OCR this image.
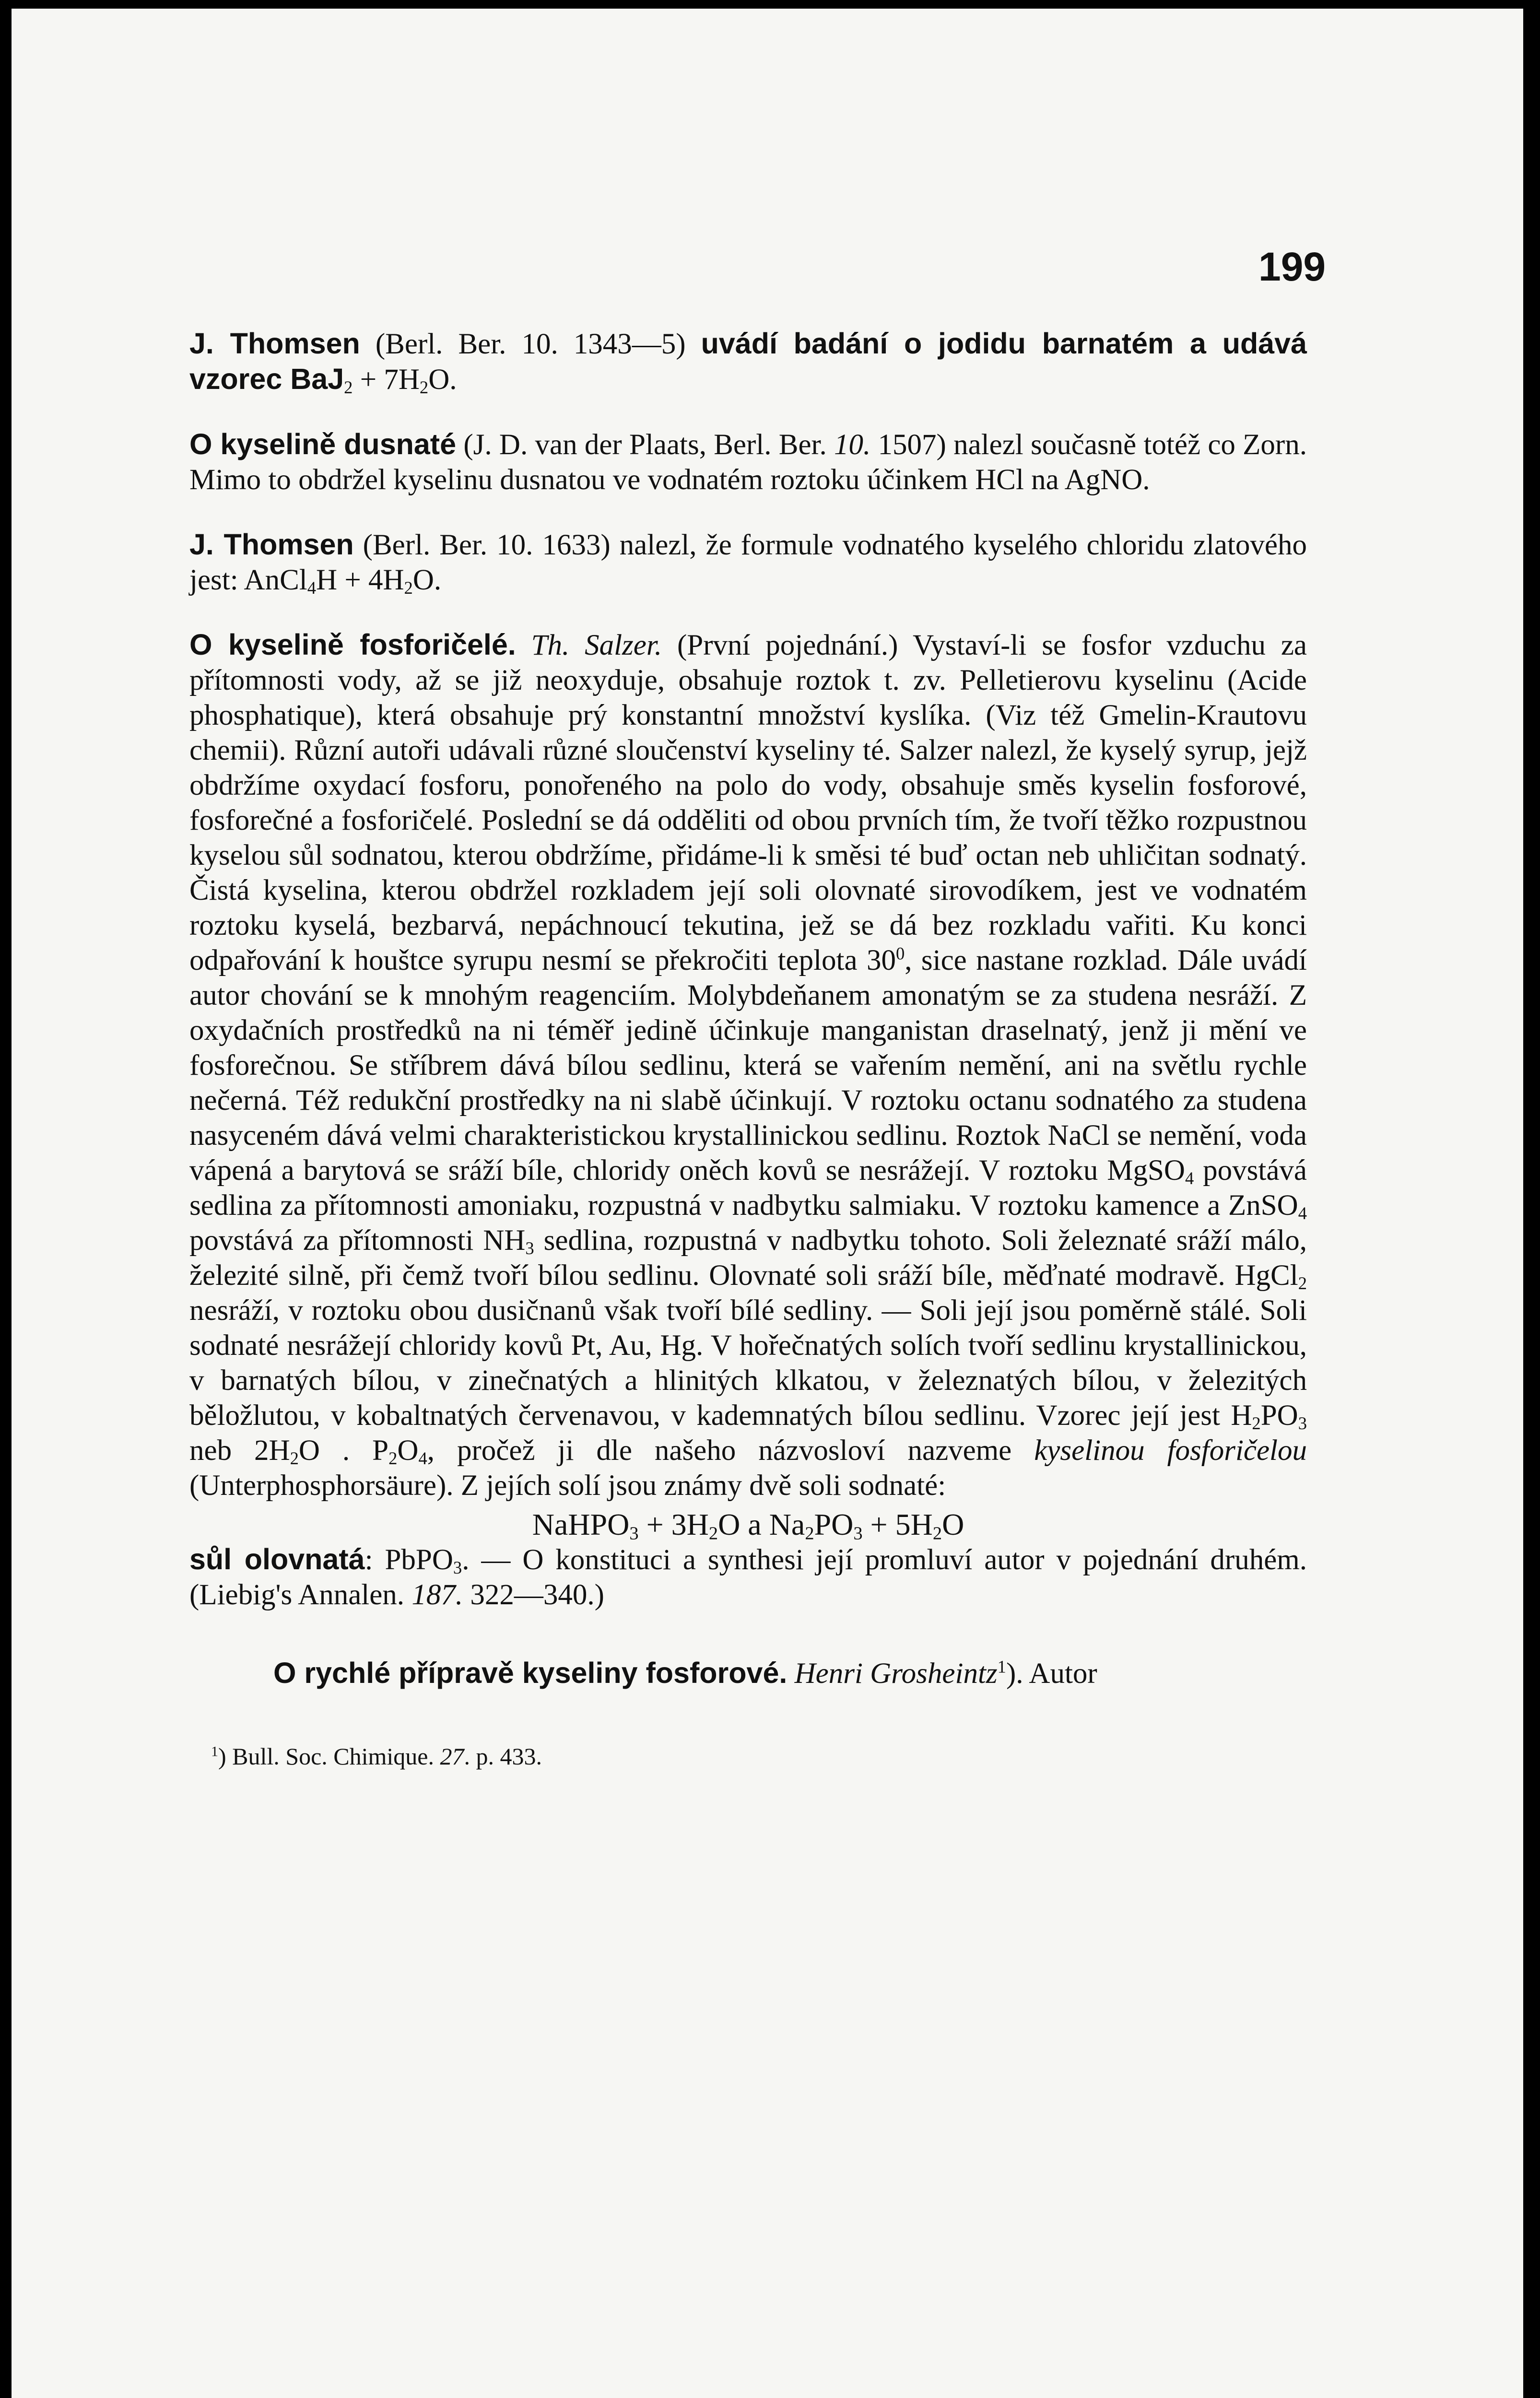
199

J. Thomsen (Berl. Ber. 10. 1343—5) uvádí badání o jodidu barnatém a udává vzorec $BaJ_2 + 7H_2O$.

O kyselině dusnaté (J. D. van der Plaats, Berl. Ber. 10. 1507) nalezl současně totéž co Zorn. Mimo to obdržel kyselinu dusnatou ve vodnatém roztoku účinkem HCl na AgNO.

J. Thomsen (Berl. Ber. 10. 1633) nalezl, že formule vodnatého kyselého chloridu zlatového jest: AnCl$_4$H + $4H_2O$.

O kyselině fosforičelé. Th. Salzer. (První pojednání.) Vystaví-li se fosfor vzduchu za přítomnosti vody, až se již neoxyduje, obsahuje roztok t. zv. Pelletierovu kyselinu (Acide phosphatique), která obsahuje prý konstantní množství kyslíka. (Viz též Gmelin-Krautovu chemii). Různí autoři udávali různé sloučenství kyseliny té. Salzer nalezl, že kyselý syrup, jejž obdržíme oxydací fosforu, ponořeného na polo do vody, obsahuje směs kyselin fosforové, fosforečné a fosforičelé. Poslední se dá odděliti od obou prvních tím, že tvoří těžko rozpustnou kyselou sůl sodnatou, kterou obdržíme, přidáme-li k směsi té buď octan neb uhličitan sodnatý. Čistá kyselina, kterou obdržel rozkladem její soli olovnaté sirovodíkem, jest ve vodnatém roztoku kyselá, bezbarvá, nepáchnoucí tekutina, jež se dá bez rozkladu vařiti. Ku konci odpařování k houštce syrupu nesmí se překročiti teplota $30^0$, sice nastane rozklad. Dále uvádí autor chování se k mnohým reagenciím. Molybdeňanem amonatým se za studena nesráží. Z oxydačních prostředků na ni téměř jedině účinkuje manganistan draselnatý, jenž ji mění ve fosforečnou. Se stříbrem dává bílou sedlinu, která se vařením nemění, ani na světlu rychle nečerná. Též redukční prostředky na ni slabě účinkují. V roztoku octanu sodnatého za studena nasyceném dává velmi charakteristickou krystallinickou sedlinu. Roztok NaCl se nemění, voda vápená a barytová se sráží bíle, chloridy oněch kovů se nesrážejí. V roztoku MgSO$_4$ povstává sedlina za přítomnosti amoniaku, rozpustná v nadbytku salmiaku. V roztoku kamence a ZnSO$_4$ povstává za přítomnosti $NH_3$ sedlina, rozpustná v nadbytku tohoto. Soli železnaté sráží málo, železité silně, při čemž tvoří bílou sedlinu. Olovnaté soli sráží bíle, měďnaté modravě. HgCl$_2$ nesráží, v roztoku obou dusičnanů však tvoří bílé sedliny. — Soli její jsou poměrně stálé. Soli sodnaté nesrážejí chloridy kovů Pt, Au, Hg. V hořečnatých solích tvoří sedlinu krystallinickou, v barnatých bílou, v zinečnatých a hlinitých klkatou, v železnatých bílou, v železitých běložlutou, v kobaltnatých červenavou, v kademnatých bílou sedlinu. Vzorec její jest $H_2PO_3$ neb $2H_2O$ . $P_2O_4$, pročež ji dle našeho názvosloví nazveme kyselinou fosforičelou (Unterphosphorsäure). Z jejích solí jsou známy dvě soli sodnaté:

NaHPO$_3$ + $3H_2O$ a $Na_2PO_3 + 5H_2O$

sůl olovnatá: PbPO$_3$. — O konstituci a synthesi její promluví autor v pojednání druhém. (Liebig's Annalen. 187. 322—340.)

O rychlé přípravě kyseliny fosforové. Henri Grosheintz$^1$). Autor

$^1$) Bull. Soc. Chimique. 27. p. 433.
